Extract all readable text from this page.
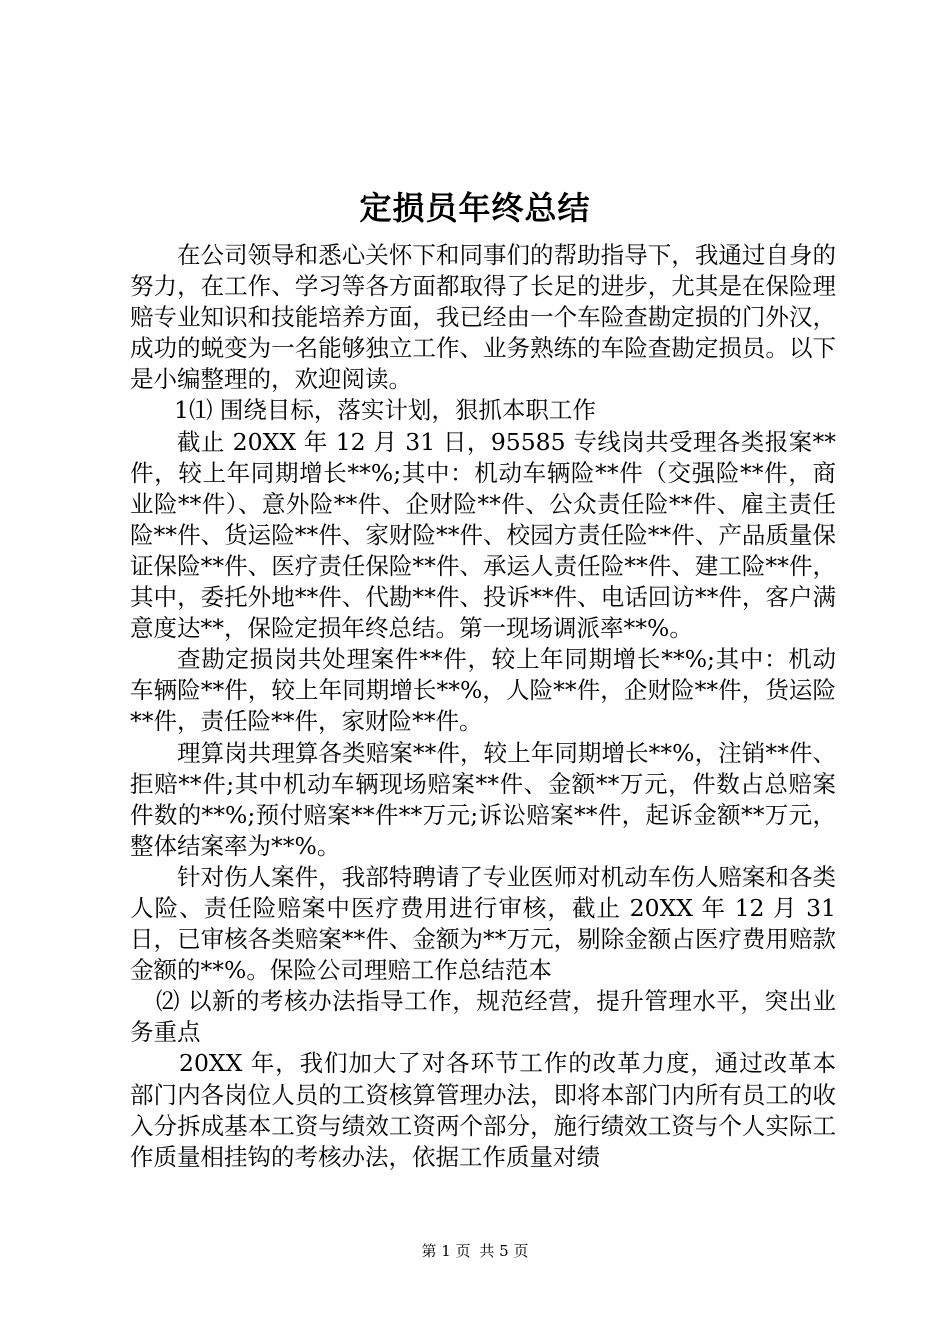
定损员年终总结

在公司领导和悉心关怀下和同事们的帮助指导下，我通过自身的努力，在工作、学习等各方面都取得了长足的进步，尤其是在保险理赔专业知识和技能培养方面，我已经由一个车险查勘定损的门外汉，成功的蜕变为一名能够独立工作、业务熟练的车险查勘定损员。以下是小编整理的，欢迎阅读。

1⑴ 围绕目标，落实计划，狠抓本职工作

截止 20XX 年 12 月 31 日，95585 专线岗共受理各类报案**件，较上年同期增长**%;其中：机动车辆险**件（交强险**件，商业险**件）、意外险**件、企财险**件、公众责任险**件、雇主责任险**件、货运险**件、家财险**件、校园方责任险**件、产品质量保证保险**件、医疗责任保险**件、承运人责任险**件、建工险**件，其中，委托外地**件、代勘**件、投诉**件、电话回访**件，客户满意度达**，保险定损年终总结。第一现场调派率**%。

查勘定损岗共处理案件**件，较上年同期增长**%;其中：机动车辆险**件，较上年同期增长**%，人险**件，企财险**件，货运险**件，责任险**件，家财险**件。

理算岗共理算各类赔案**件，较上年同期增长**%，注销**件、拒赔**件;其中机动车辆现场赔案**件、金额**万元，件数占总赔案件数的**%;预付赔案**件**万元;诉讼赔案**件，起诉金额**万元，整体结案率为**%。

针对伤人案件，我部特聘请了专业医师对机动车伤人赔案和各类人险、责任险赔案中医疗费用进行审核，截止 20XX 年 12 月 31 日，已审核各类赔案**件、金额为**万元，剔除金额占医疗费用赔款金额的**%。保险公司理赔工作总结范本

⑵ 以新的考核办法指导工作，规范经营，提升管理水平，突出业务重点

20XX 年，我们加大了对各环节工作的改革力度，通过改革本部门内各岗位人员的工资核算管理办法，即将本部门内所有员工的收入分拆成基本工资与绩效工资两个部分，施行绩效工资与个人实际工作质量相挂钩的考核办法，依据工作质量对绩

第 1 页 共 5 页
